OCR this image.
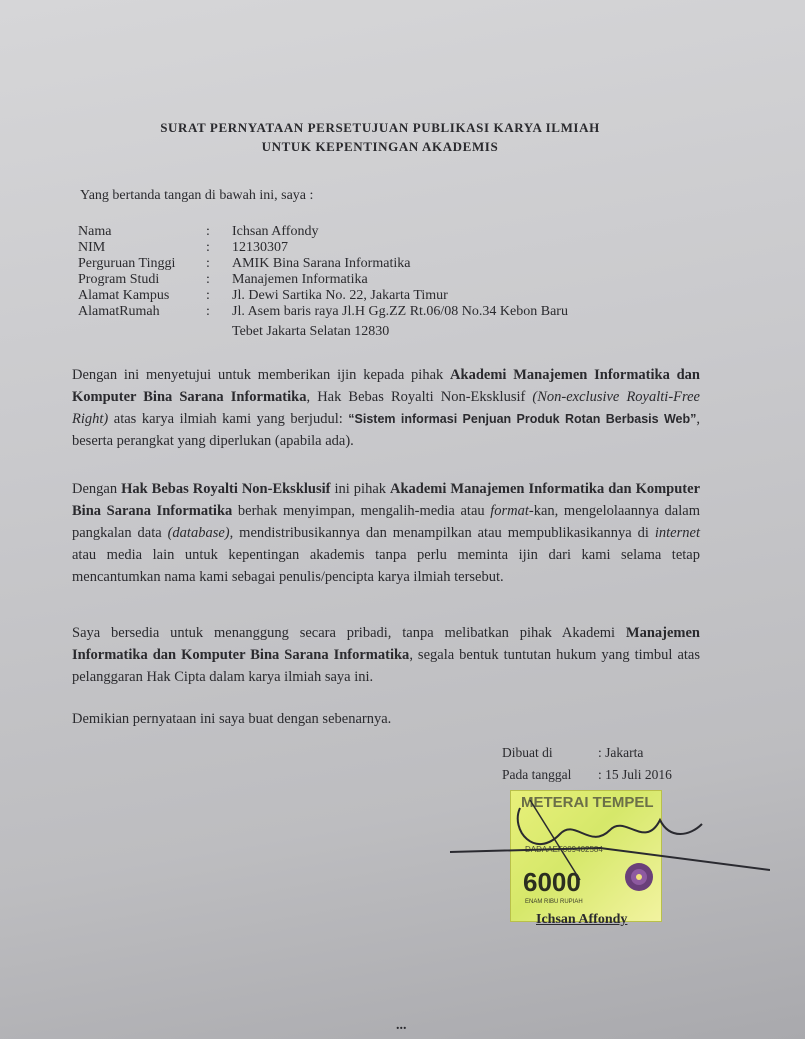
SURAT PERNYATAAN PERSETUJUAN PUBLIKASI KARYA ILMIAH
UNTUK KEPENTINGAN AKADEMIS
Yang bertanda tangan di bawah ini, saya :
Nama	:	Ichsan Affondy
NIM	:	12130307
Perguruan Tinggi	:	AMIK Bina Sarana Informatika
Program Studi	:	Manajemen Informatika
Alamat Kampus	:	Jl. Dewi Sartika No. 22, Jakarta Timur
AlamatRumah	:	Jl. Asem baris raya Jl.H Gg.ZZ Rt.06/08 No.34 Kebon Baru
Tebet Jakarta Selatan 12830
Dengan ini menyetujui untuk memberikan ijin kepada pihak Akademi Manajemen Informatika dan Komputer Bina Sarana Informatika, Hak Bebas Royalti Non-Eksklusif (Non-exclusive Royalti-Free Right) atas karya ilmiah kami yang berjudul: “Sistem informasi Penjuan Produk Rotan Berbasis Web”, beserta perangkat yang diperlukan (apabila ada).
Dengan Hak Bebas Royalti Non-Eksklusif ini pihak Akademi Manajemen Informatika dan Komputer Bina Sarana Informatika berhak menyimpan, mengalih-media atau format-kan, mengelolaannya dalam pangkalan data (database), mendistribusikannya dan menampilkan atau mempublikasikannya di internet atau media lain untuk kepentingan akademis tanpa perlu meminta ijin dari kami selama tetap mencantumkan nama kami sebagai penulis/pencipta karya ilmiah tersebut.
Saya bersedia untuk menanggung secara pribadi, tanpa melibatkan pihak Akademi Manajemen Informatika dan Komputer Bina Sarana Informatika, segala bentuk tuntutan hukum yang timbul atas pelanggaran Hak Cipta dalam karya ilmiah saya ini.
Demikian pernyataan ini saya buat dengan sebenarnya.
Dibuat di	: Jakarta
Pada tanggal	: 15 Juli 2016
METERAI TEMPEL
DADAAEF009402584
6000
ENAM RIBU RUPIAH
Ichsan Affondy
...
